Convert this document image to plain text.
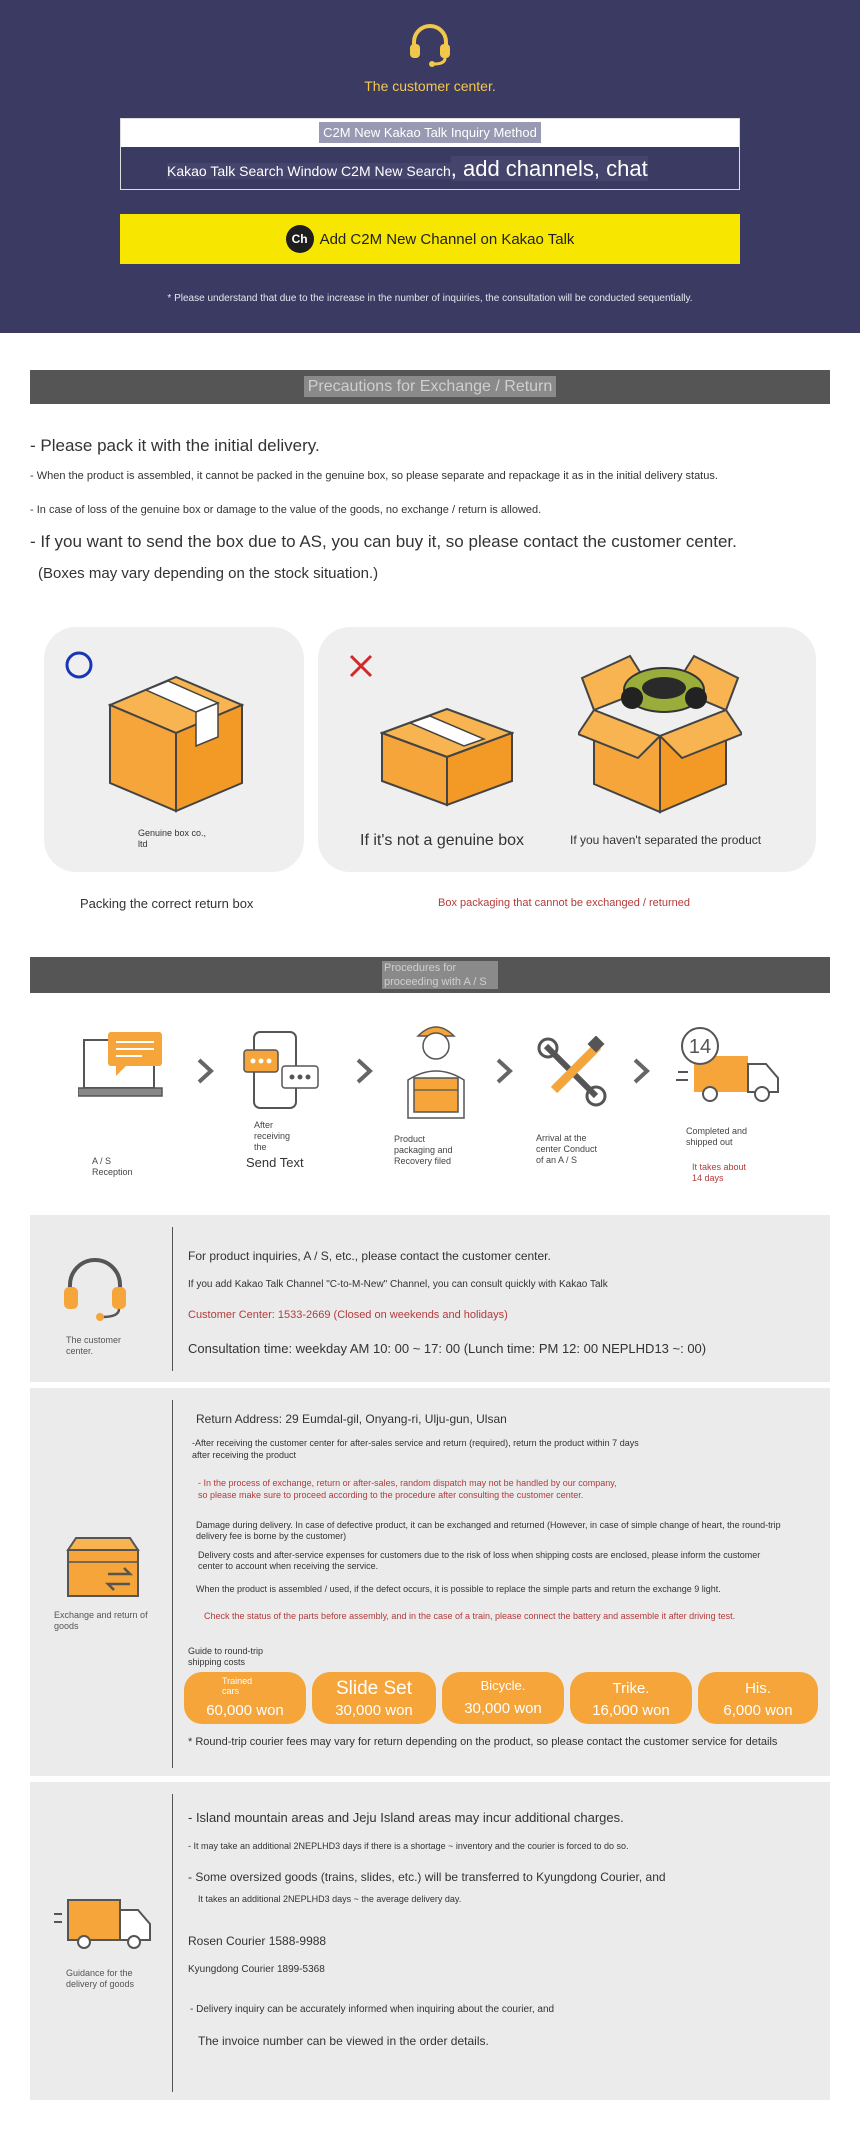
The customer center.
C2M New Kakao Talk Inquiry Method
Kakao Talk Search Window C2M New Search, add channels, chat
Ch Add C2M New Channel on Kakao Talk
* Please understand that due to the increase in the number of inquiries, the consultation will be conducted sequentially.
Precautions for Exchange / Return
- Please pack it with the initial delivery.
- When the product is assembled, it cannot be packed in the genuine box, so please separate and repackage it as in the initial delivery status.
- In case of loss of the genuine box or damage to the value of the goods, no exchange / return is allowed.
- If you want to send the box due to AS, you can buy it, so please contact the customer center.
(Boxes may vary depending on the stock situation.)
Genuine box co., ltd	If it's not a genuine box	If you haven't separated the product
Packing the correct return box	Box packaging that cannot be exchanged / returned
Procedures for proceeding with A / S
A / S Reception
After receiving the
Send Text
Product packaging and Recovery filed
Arrival at the center Conduct of an A / S
14
Completed and shipped out
It takes about 14 days
The customer center.
For product inquiries, A / S, etc., please contact the customer center.
If you add Kakao Talk Channel "C-to-M-New" Channel, you can consult quickly with Kakao Talk
Customer Center: 1533-2669 (Closed on weekends and holidays)
Consultation time: weekday AM 10: 00 ~ 17: 00 (Lunch time: PM 12: 00 NEPLHD13 ~: 00)
Exchange and return of goods
Return Address: 29 Eumdal-gil, Onyang-ri, Ulju-gun, Ulsan
-After receiving the customer center for after-sales service and return (required), return the product within 7 days
after receiving the product
- In the process of exchange, return or after-sales, random dispatch may not be handled by our company,
so please make sure to proceed according to the procedure after consulting the customer center.
Damage during delivery. In case of defective product, it can be exchanged and returned (However, in case of simple change of heart, the round-trip
delivery fee is borne by the customer)
Delivery costs and after-service expenses for customers due to the risk of loss when shipping costs are enclosed, please inform the customer
center to account when receiving the service.
When the product is assembled / used, if the defect occurs, it is possible to replace the simple parts and return the exchange 9 light.
Check the status of the parts before assembly, and in the case of a train, please connect the battery and assemble it after driving test.
Guide to round-trip
shipping costs
* Round-trip courier fees may vary for return depending on the product, so please contact the customer service for details
Trained cars
60,000 won
Slide Set
30,000 won
Bicycle.
30,000 won
Trike.
16,000 won
His.
6,000 won
Guidance for the delivery of goods
- Island mountain areas and Jeju Island areas may incur additional charges.
- It may take an additional 2NEPLHD3 days if there is a shortage ~ inventory and the courier is forced to do so.
- Some oversized goods (trains, slides, etc.) will be transferred to Kyungdong Courier, and
It takes an additional 2NEPLHD3 days ~ the average delivery day.
Rosen Courier 1588-9988
Kyungdong Courier 1899-5368
- Delivery inquiry can be accurately informed when inquiring about the courier, and
The invoice number can be viewed in the order details.
